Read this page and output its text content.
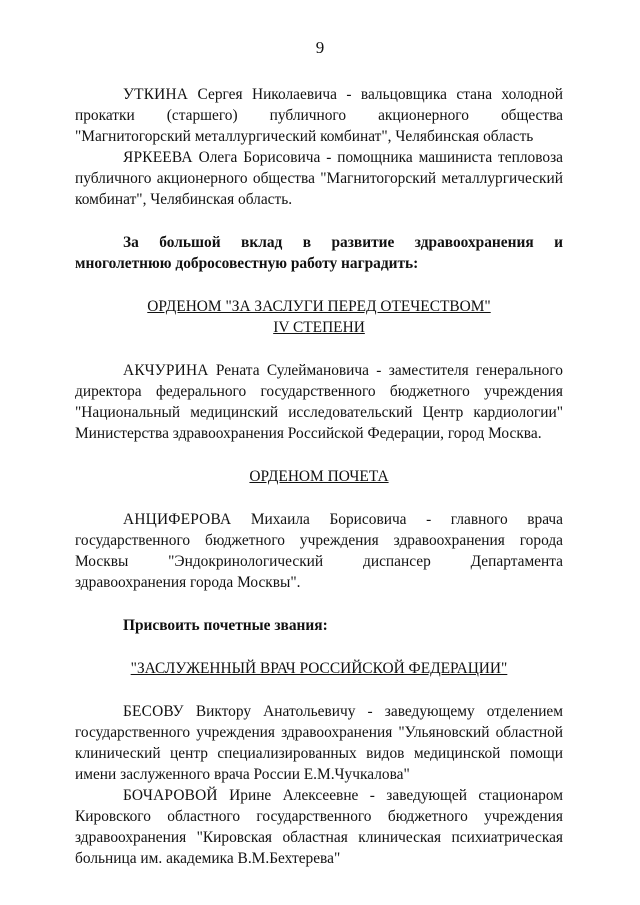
9

УТКИНА Сергея Николаевича - вальцовщика стана холодной прокатки (старшего) публичного акционерного общества "Магнитогорский металлургический комбинат", Челябинская область

ЯРКЕЕВА Олега Борисовича - помощника машиниста тепловоза публичного акционерного общества "Магнитогорский металлургический комбинат", Челябинская область.

За большой вклад в развитие здравоохранения и многолетнюю добросовестную работу наградить:

ОРДЕНОМ "ЗА ЗАСЛУГИ ПЕРЕД ОТЕЧЕСТВОМ"
IV СТЕПЕНИ

АКЧУРИНА Рената Сулеймановича - заместителя генерального директора федерального государственного бюджетного учреждения "Национальный медицинский исследовательский Центр кардиологии" Министерства здравоохранения Российской Федерации, город Москва.

ОРДЕНОМ ПОЧЕТА

АНЦИФЕРОВА Михаила Борисовича - главного врача государственного бюджетного учреждения здравоохранения города Москвы "Эндокринологический диспансер Департамента здравоохранения города Москвы".

Присвоить почетные звания:

"ЗАСЛУЖЕННЫЙ ВРАЧ РОССИЙСКОЙ ФЕДЕРАЦИИ"

БЕСОВУ Виктору Анатольевичу - заведующему отделением государственного учреждения здравоохранения "Ульяновский областной клинический центр специализированных видов медицинской помощи имени заслуженного врача России Е.М.Чучкалова"

БОЧАРОВОЙ Ирине Алексеевне - заведующей стационаром Кировского областного государственного бюджетного учреждения здравоохранения "Кировская областная клиническая психиатрическая больница им. академика В.М.Бехтерева"
